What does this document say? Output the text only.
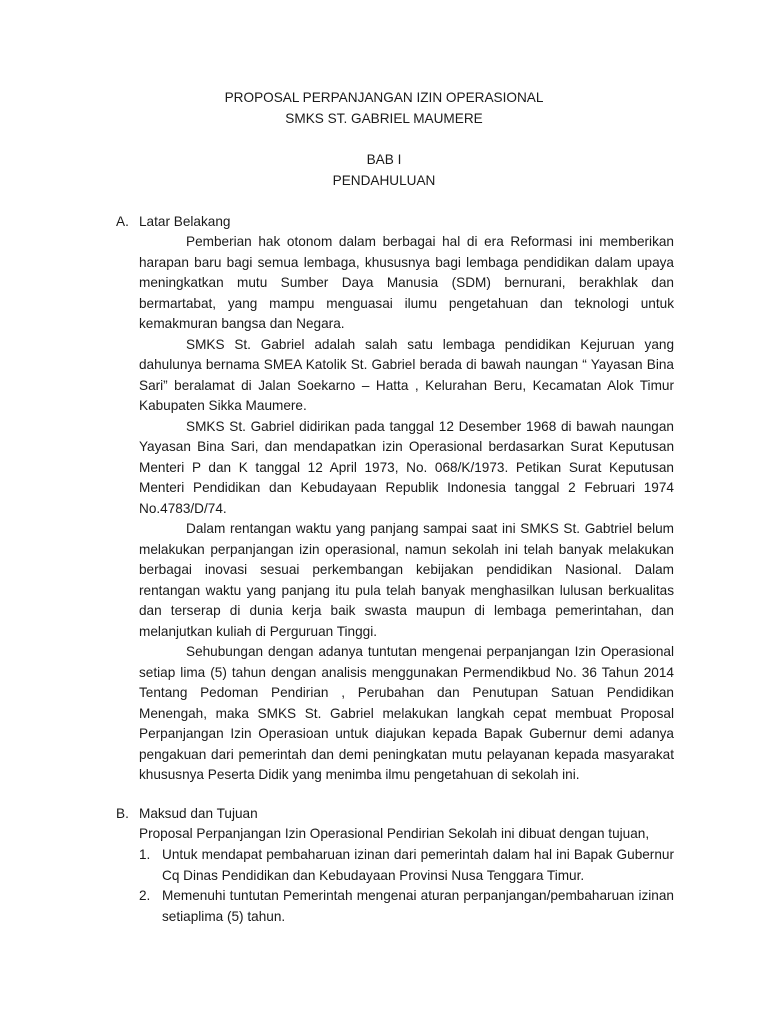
PROPOSAL PERPANJANGAN IZIN OPERASIONAL
SMKS ST. GABRIEL MAUMERE
BAB I
PENDAHULUAN
A. Latar Belakang

Pemberian hak otonom dalam berbagai hal di era Reformasi ini memberikan harapan baru bagi semua lembaga, khususnya bagi lembaga pendidikan dalam upaya meningkatkan mutu Sumber Daya Manusia (SDM) bernurani, berakhlak dan bermartabat, yang mampu menguasai ilumu pengetahuan dan teknologi untuk kemakmuran bangsa dan Negara.

SMKS St. Gabriel adalah salah satu lembaga pendidikan Kejuruan yang dahulunya bernama SMEA Katolik St. Gabriel berada di bawah naungan “ Yayasan Bina Sari” beralamat di Jalan Soekarno – Hatta , Kelurahan Beru, Kecamatan Alok Timur Kabupaten Sikka Maumere.

SMKS St. Gabriel didirikan pada tanggal 12 Desember 1968 di bawah naungan Yayasan Bina Sari, dan mendapatkan izin Operasional berdasarkan Surat Keputusan Menteri P dan K tanggal 12 April 1973, No. 068/K/1973. Petikan Surat Keputusan Menteri Pendidikan dan Kebudayaan Republik Indonesia tanggal 2 Februari 1974 No.4783/D/74.

Dalam rentangan waktu yang panjang sampai saat ini SMKS St. Gabtriel belum melakukan perpanjangan izin operasional, namun sekolah ini telah banyak melakukan berbagai inovasi sesuai perkembangan kebijakan pendidikan Nasional. Dalam rentangan waktu yang panjang itu pula telah banyak menghasilkan lulusan berkualitas dan terserap di dunia kerja baik swasta maupun di lembaga pemerintahan, dan melanjutkan kuliah di Perguruan Tinggi.

Sehubungan dengan adanya tuntutan mengenai perpanjangan Izin Operasional setiap lima (5) tahun dengan analisis menggunakan Permendikbud No. 36 Tahun 2014 Tentang Pedoman Pendirian , Perubahan dan Penutupan Satuan Pendidikan Menengah, maka SMKS St. Gabriel melakukan langkah cepat membuat Proposal Perpanjangan Izin Operasioan untuk diajukan kepada Bapak Gubernur demi adanya pengakuan dari pemerintah dan demi peningkatan mutu pelayanan kepada masyarakat khususnya Peserta Didik yang menimba ilmu pengetahuan di sekolah ini.

B. Maksud dan Tujuan
Proposal Perpanjangan Izin Operasional Pendirian Sekolah ini dibuat dengan tujuan,
1. Untuk mendapat pembaharuan izinan dari pemerintah dalam hal ini Bapak Gubernur Cq Dinas Pendidikan dan Kebudayaan Provinsi Nusa Tenggara Timur.
2. Memenuhi tuntutan Pemerintah mengenai aturan perpanjangan/pembaharuan izinan setiaplima (5) tahun.
